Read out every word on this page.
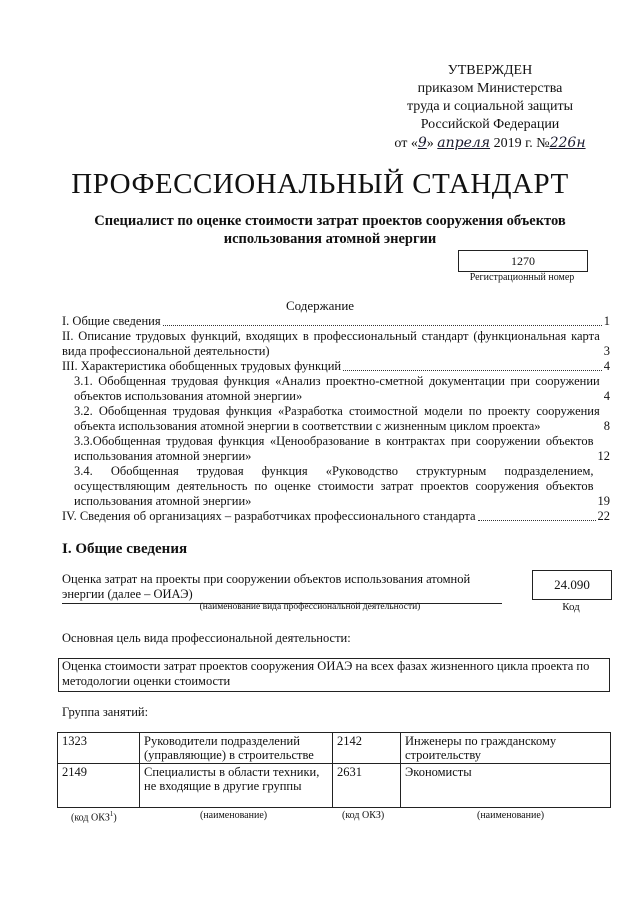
УТВЕРЖДЕН
приказом Министерства
труда и социальной защиты
Российской Федерации
от «9» апреля 2019 г. №226н
ПРОФЕССИОНАЛЬНЫЙ СТАНДАРТ
Специалист по оценке стоимости затрат проектов сооружения объектов использования атомной энергии
1270
Регистрационный номер
Содержание
I. Общие сведения	1
II. Описание трудовых функций, входящих в профессиональный стандарт (функциональная карта вида профессиональной деятельности)	3
III. Характеристика обобщенных трудовых функций	4
3.1. Обобщенная трудовая функция «Анализ проектно-сметной документации при сооружении объектов использования атомной энергии»	4
3.2. Обобщенная трудовая функция «Разработка стоимостной модели по проекту сооружения объекта использования атомной энергии в соответствии с жизненным циклом проекта»	8
3.3.Обобщенная трудовая функция «Ценообразование в контрактах при сооружении объектов использования атомной энергии»	12
3.4. Обобщенная трудовая функция «Руководство структурным подразделением, осуществляющим деятельность по оценке стоимости затрат проектов сооружения объектов использования атомной энергии»	19
IV. Сведения об организациях – разработчиках профессионального стандарта	22
I. Общие сведения
Оценка затрат на проекты при сооружении объектов использования атомной энергии (далее – ОИАЭ)
(наименование вида профессиональной деятельности)
24.090
Код
Основная цель вида профессиональной деятельности:
Оценка стоимости затрат проектов сооружения ОИАЭ на всех фазах жизненного цикла проекта по методологии оценки стоимости
Группа занятий:
1323	Руководители подразделений (управляющие) в строительстве	2142	Инженеры по гражданскому строительству
2149	Специалисты в области техники, не входящие в другие группы	2631	Экономисты
(код ОКЗ$^1$)	(наименование)	(код ОКЗ)	(наименование)
